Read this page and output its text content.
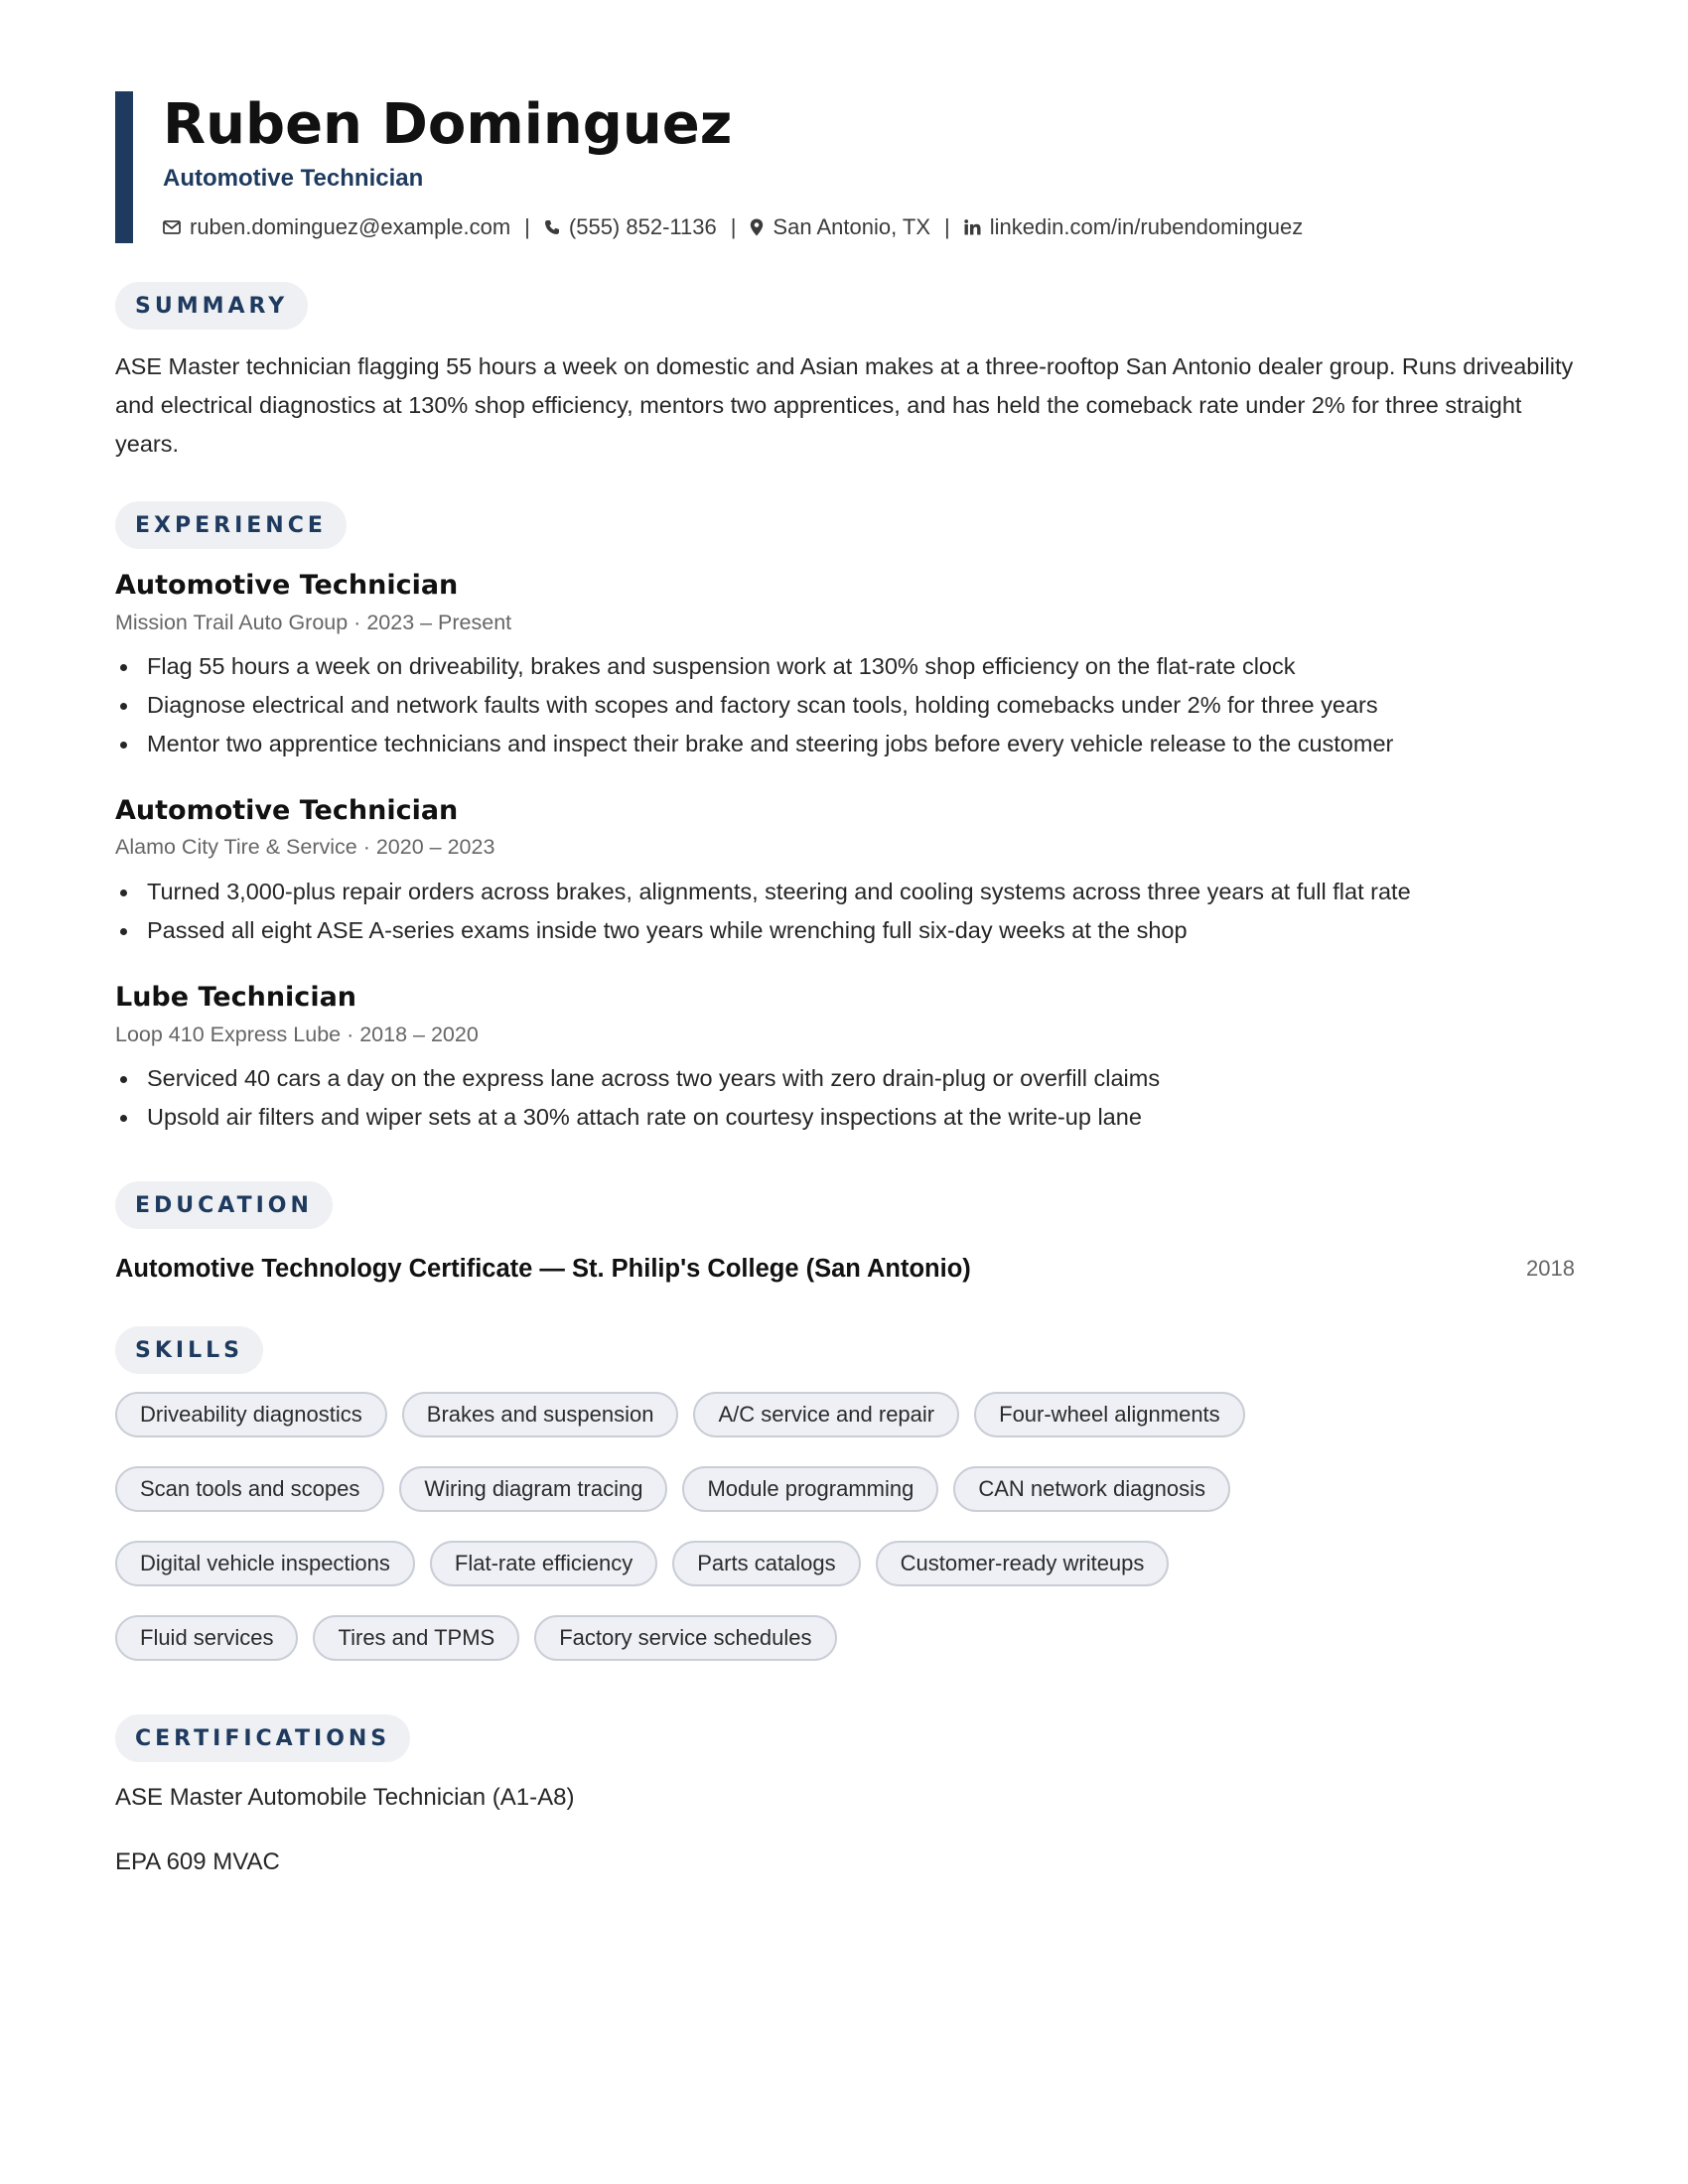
Ruben Dominguez
Automotive Technician
ruben.dominguez@example.com | (555) 852-1136 | San Antonio, TX | linkedin.com/in/rubendominguez
SUMMARY

ASE Master technician flagging 55 hours a week on domestic and Asian makes at a three-rooftop San Antonio dealer group. Runs driveability and electrical diagnostics at 130% shop efficiency, mentors two apprentices, and has held the comeback rate under 2% for three straight years.

EXPERIENCE
Automotive Technician
Mission Trail Auto Group · 2023 – Present
Flag 55 hours a week on driveability, brakes and suspension work at 130% shop efficiency on the flat-rate clock
Diagnose electrical and network faults with scopes and factory scan tools, holding comebacks under 2% for three years
Mentor two apprentice technicians and inspect their brake and steering jobs before every vehicle release to the customer
Automotive Technician
Alamo City Tire & Service · 2020 – 2023
Turned 3,000-plus repair orders across brakes, alignments, steering and cooling systems across three years at full flat rate
Passed all eight ASE A-series exams inside two years while wrenching full six-day weeks at the shop
Lube Technician
Loop 410 Express Lube · 2018 – 2020
Serviced 40 cars a day on the express lane across two years with zero drain-plug or overfill claims
Upsold air filters and wiper sets at a 30% attach rate on courtesy inspections at the write-up lane
EDUCATION
Automotive Technology Certificate — St. Philip's College (San Antonio)	2018
SKILLS
Driveability diagnostics	Brakes and suspension	A/C service and repair	Four-wheel alignments
Scan tools and scopes	Wiring diagram tracing	Module programming	CAN network diagnosis
Digital vehicle inspections	Flat-rate efficiency	Parts catalogs	Customer-ready writeups
Fluid services	Tires and TPMS	Factory service schedules
CERTIFICATIONS
ASE Master Automobile Technician (A1-A8)
EPA 609 MVAC
